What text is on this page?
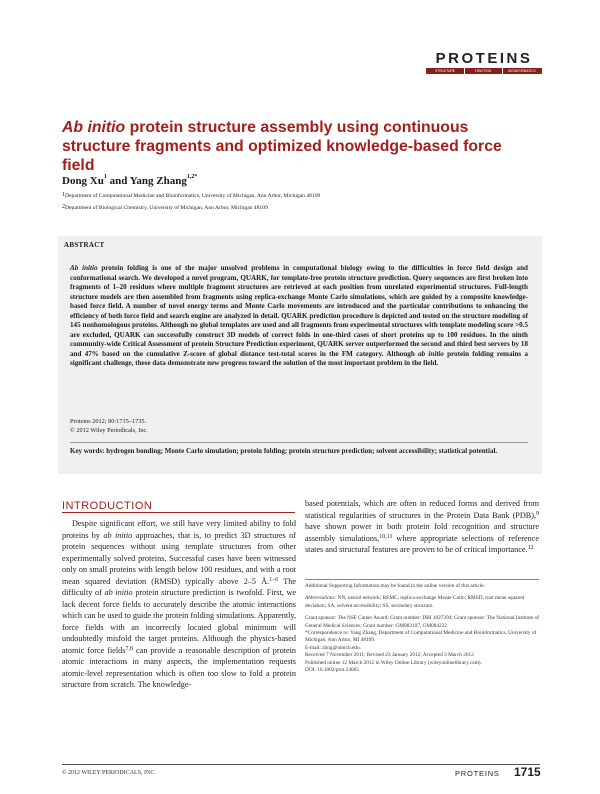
PROTEINS
STRUCTURE	FUNCTION	BIOINFORMATICS
Ab initio protein structure assembly using continuous structure fragments and optimized knowledge-based force field
Dong Xu$^1$ and Yang Zhang$^{1,2*}$
$^1$Department of Computational Medicine and Bioinformatics, University of Michigan, Ann Arbor, Michigan 48109
$^2$Department of Biological Chemistry, University of Michigan, Ann Arbor, Michigan 48109
ABSTRACT
Ab initio protein folding is one of the major unsolved problems in computational biology owing to the difficulties in force field design and conformational search. We developed a novel program, QUARK, for template-free protein structure prediction. Query sequences are first broken into fragments of 1–20 residues where multiple fragment structures are retrieved at each position from unrelated experimental structures. Full-length structure models are then assembled from fragments using replica-exchange Monte Carlo simulations, which are guided by a composite knowledge-based force field. A number of novel energy terms and Monte Carlo movements are introduced and the particular contributions to enhancing the efficiency of both force field and search engine are analyzed in detail. QUARK prediction procedure is depicted and tested on the structure modeling of 145 nonhomologous proteins. Although no global templates are used and all fragments from experimental structures with template modeling score >0.5 are excluded, QUARK can successfully construct 3D models of correct folds in one-third cases of short proteins up to 100 residues. In the ninth community-wide Critical Assessment of protein Structure Prediction experiment, QUARK server outperformed the second and third best servers by 18 and 47% based on the cumulative Z-score of global distance test-total scores in the FM category. Although ab initio protein folding remains a significant challenge, these data demonstrate new progress toward the solution of the most important problem in the field.
Proteins 2012; 80:1715–1735.
© 2012 Wiley Periodicals, Inc.
Key words: hydrogen bonding; Monte Carlo simulation; protein folding; protein structure prediction; solvent accessibility; statistical potential.
INTRODUCTION
Despite significant effort, we still have very limited ability to fold proteins by ab initio approaches, that is, to predict 3D structures of protein sequences without using template structures from other experimentally solved proteins. Successful cases have been witnessed only on small proteins with length below 100 residues, and with a root mean squared deviation (RMSD) typically above 2–5 Å.$^{1-6}$ The difficulty of ab initio protein structure prediction is twofold. First, we lack decent force fields to accurately describe the atomic interactions which can be used to guide the protein folding simulations. Apparently, force fields with an incorrectly located global minimum will undoubtedly misfold the target proteins. Although the physics-based atomic force fields$^{7,8}$ can provide a reasonable description of protein atomic interactions in many aspects, the implementation requests atomic-level representation which is often too slow to fold a protein structure from scratch. The knowledge-
based potentials, which are often in reduced forms and derived from statistical regularities of structures in the Protein Data Bank (PDB),$^9$ have shown power in both protein fold recognition and structure assembly simulations,$^{10,11}$ where appropriate selections of reference states and structural features are proven to be of critical importance.$^{12}$
Additional Supporting Information may be found in the online version of this article.
Abbreviations: NN, neural network; REMC, replica-exchange Monte Carlo; RMSD, root mean squared deviation; SA, solvent accessibility; SS, secondary structure.
Grant sponsor: The NSF Career Award; Grant number: DBI 1027394; Grant sponsor: The National Institute of General Medical Sciences; Grant number: GM083107, GM084222
*Correspondence to: Yang Zhang, Department of Computational Medicine and Bioinformatics, University of Michigan, Ann Arbor, MI 48109.
E-mail: zhng@umich.edu.
Received 7 November 2011; Revised 23 January 2012; Accepted 3 March 2012
Published online 12 March 2012 in Wiley Online Library (wileyonlinelibrary.com).
DOI: 10.1002/prot.24065
© 2012 WILEY PERIODICALS, INC.	PROTEINS 1715
